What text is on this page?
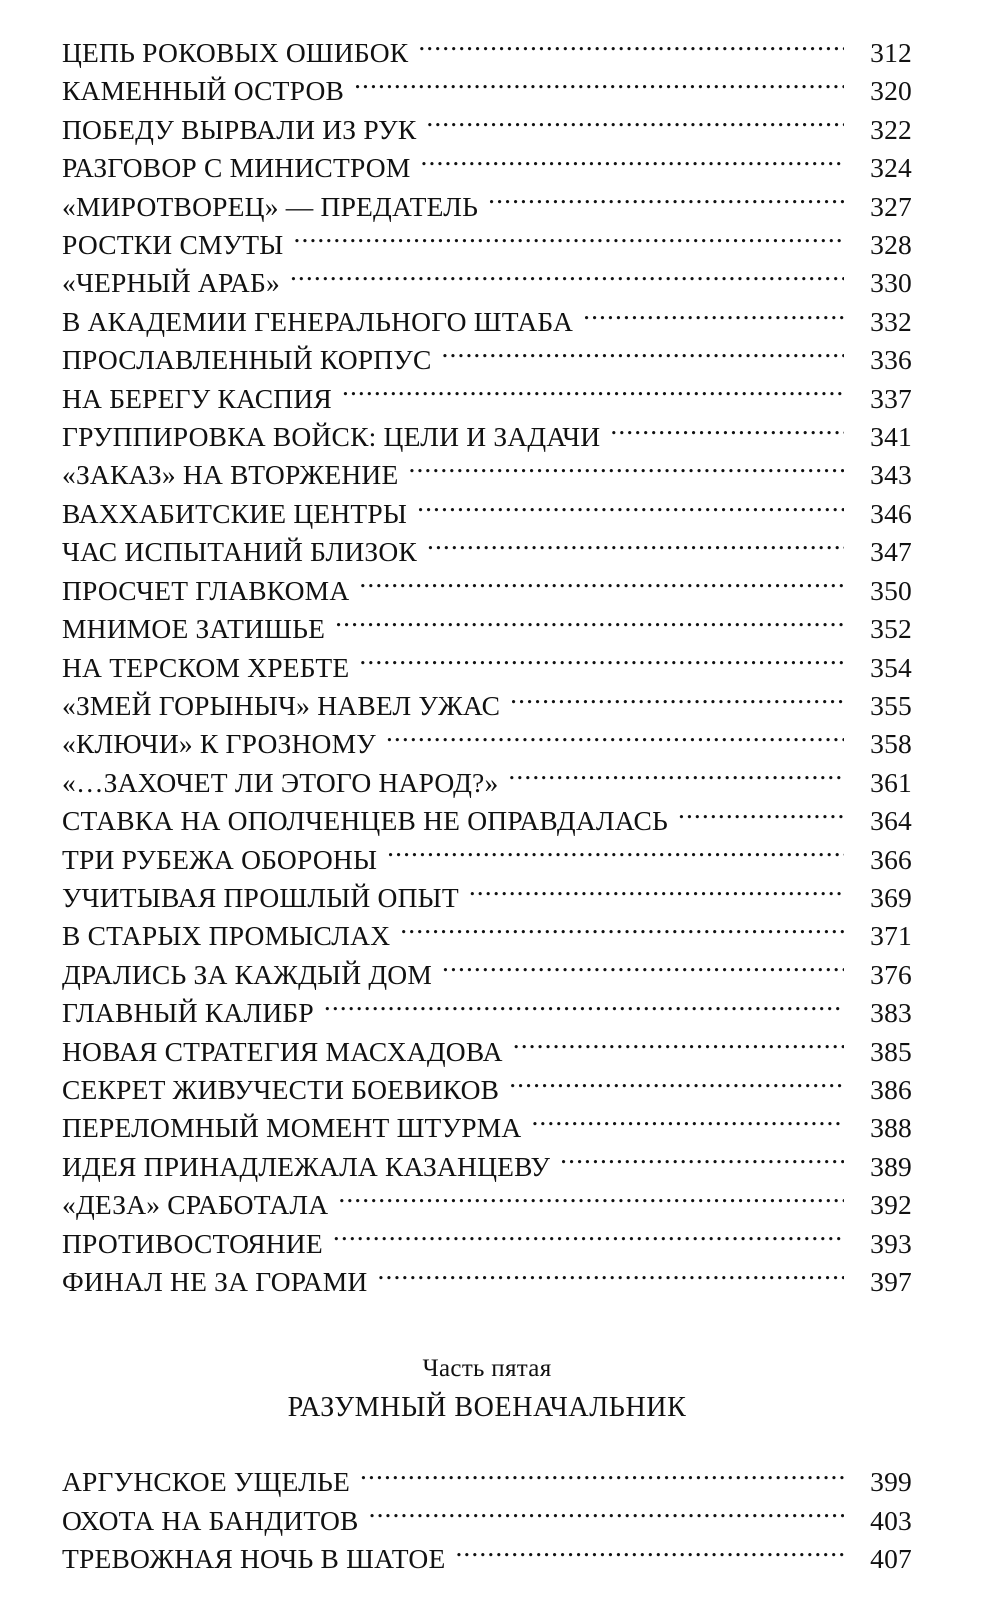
ЦЕПЬ РОКОВЫХ ОШИБОК .....	312
КАМЕННЫЙ ОСТРОВ .....	320
ПОБЕДУ ВЫРВАЛИ ИЗ РУК .....	322
РАЗГОВОР С МИНИСТРОМ .....	324
«МИРОТВОРЕЦ» — ПРЕДАТЕЛЬ .....	327
РОСТКИ СМУТЫ .....	328
«ЧЕРНЫЙ АРАБ» .....	330
В АКАДЕМИИ ГЕНЕРАЛЬНОГО ШТАБА .....	332
ПРОСЛАВЛЕННЫЙ КОРПУС .....	336
НА БЕРЕГУ КАСПИЯ .....	337
ГРУППИРОВКА ВОЙСК: ЦЕЛИ И ЗАДАЧИ .....	341
«ЗАКАЗ» НА ВТОРЖЕНИЕ .....	343
ВАХХАБИТСКИЕ ЦЕНТРЫ .....	346
ЧАС ИСПЫТАНИЙ БЛИЗОК .....	347
ПРОСЧЕТ ГЛАВКОМА .....	350
МНИМОЕ ЗАТИШЬЕ .....	352
НА ТЕРСКОМ ХРЕБТЕ .....	354
«ЗМЕЙ ГОРЫНЫЧ» НАВЕЛ УЖАС .....	355
«КЛЮЧИ» К ГРОЗНОМУ .....	358
«…ЗАХОЧЕТ ЛИ ЭТОГО НАРОД?» .....	361
СТАВКА НА ОПОЛЧЕНЦЕВ НЕ ОПРАВДАЛАСЬ .....	364
ТРИ РУБЕЖА ОБОРОНЫ .....	366
УЧИТЫВАЯ ПРОШЛЫЙ ОПЫТ .....	369
В СТАРЫХ ПРОМЫСЛАХ .....	371
ДРАЛИСЬ ЗА КАЖДЫЙ ДОМ .....	376
ГЛАВНЫЙ КАЛИБР .....	383
НОВАЯ СТРАТЕГИЯ МАСХАДОВА .....	385
СЕКРЕТ ЖИВУЧЕСТИ БОЕВИКОВ .....	386
ПЕРЕЛОМНЫЙ МОМЕНТ ШТУРМА .....	388
ИДЕЯ ПРИНАДЛЕЖАЛА КАЗАНЦЕВУ .....	389
«ДЕЗА» СРАБОТАЛА .....	392
ПРОТИВОСТОЯНИЕ .....	393
ФИНАЛ НЕ ЗА ГОРАМИ .....	397
Часть пятая
РАЗУМНЫЙ ВОЕНАЧАЛЬНИК
АРГУНСКОЕ УЩЕЛЬЕ .....	399
ОХОТА НА БАНДИТОВ .....	403
ТРЕВОЖНАЯ НОЧЬ В ШАТОЕ .....	407
